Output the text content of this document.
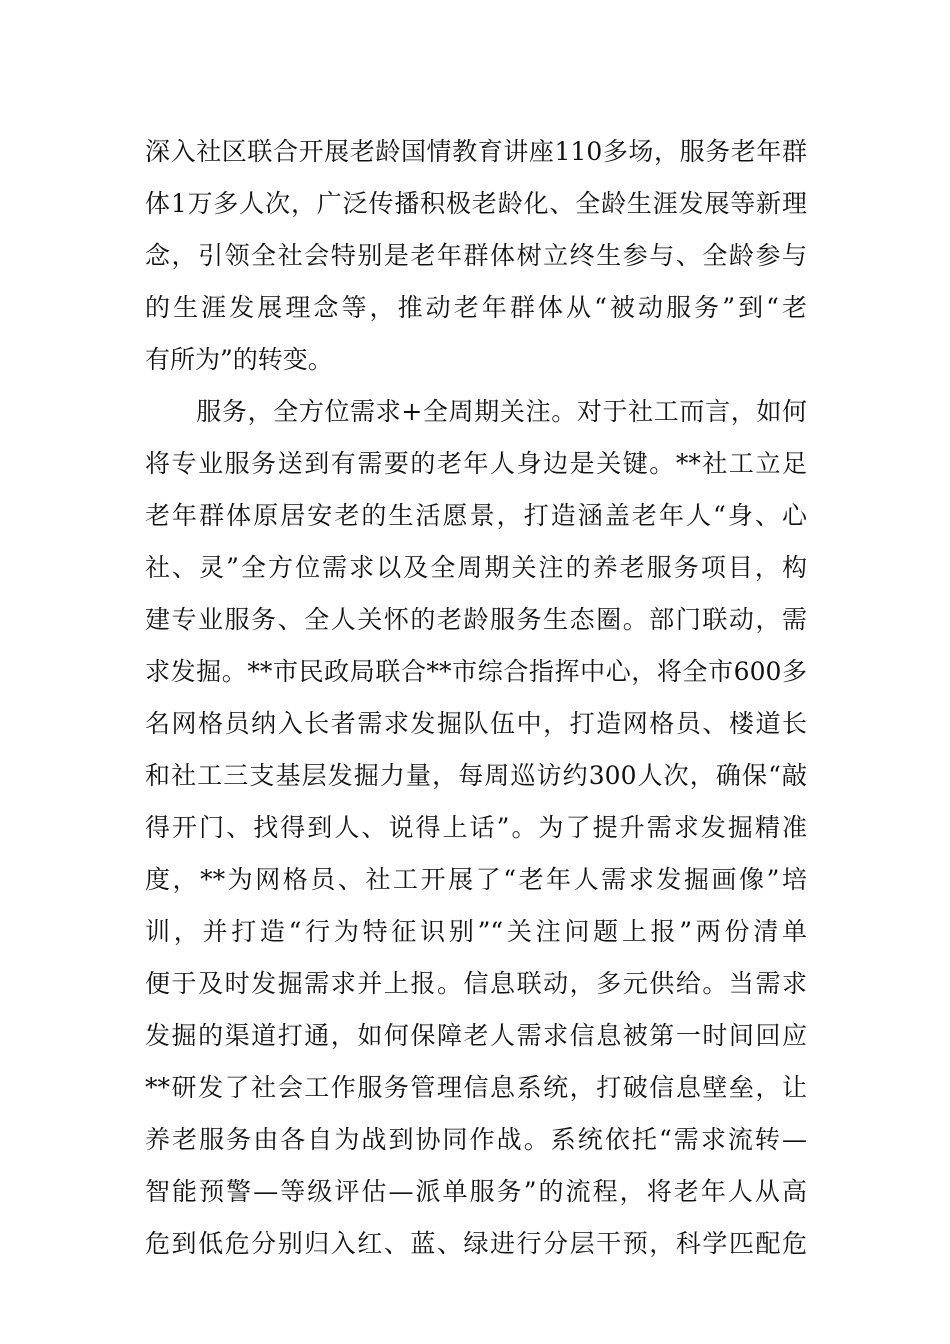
深入社区联合开展老龄国情教育讲座110多场，服务老年群
体1万多人次，广泛传播积极老龄化、全龄生涯发展等新理
念，引领全社会特别是老年群体树立终生参与、全龄参与
的生涯发展理念等，推动老年群体从“被动服务”到“老
有所为”的转变。
　　服务，全方位需求+全周期关注。对于社工而言，如何
将专业服务送到有需要的老年人身边是关键。**社工立足
老年群体原居安老的生活愿景，打造涵盖老年人“身、心
社、灵”全方位需求以及全周期关注的养老服务项目，构
建专业服务、全人关怀的老龄服务生态圈。部门联动，需
求发掘。**市民政局联合**市综合指挥中心，将全市600多
名网格员纳入长者需求发掘队伍中，打造网格员、楼道长
和社工三支基层发掘力量，每周巡访约300人次，确保“敲
得开门、找得到人、说得上话”。为了提升需求发掘精准
度，**为网格员、社工开展了“老年人需求发掘画像”培
训，并打造“行为特征识别”“关注问题上报”两份清单
便于及时发掘需求并上报。信息联动，多元供给。当需求
发掘的渠道打通，如何保障老人需求信息被第一时间回应
**研发了社会工作服务管理信息系统，打破信息壁垒，让
养老服务由各自为战到协同作战。系统依托“需求流转—
智能预警—等级评估—派单服务”的流程，将老年人从高
危到低危分别归入红、蓝、绿进行分层干预，科学匹配危
